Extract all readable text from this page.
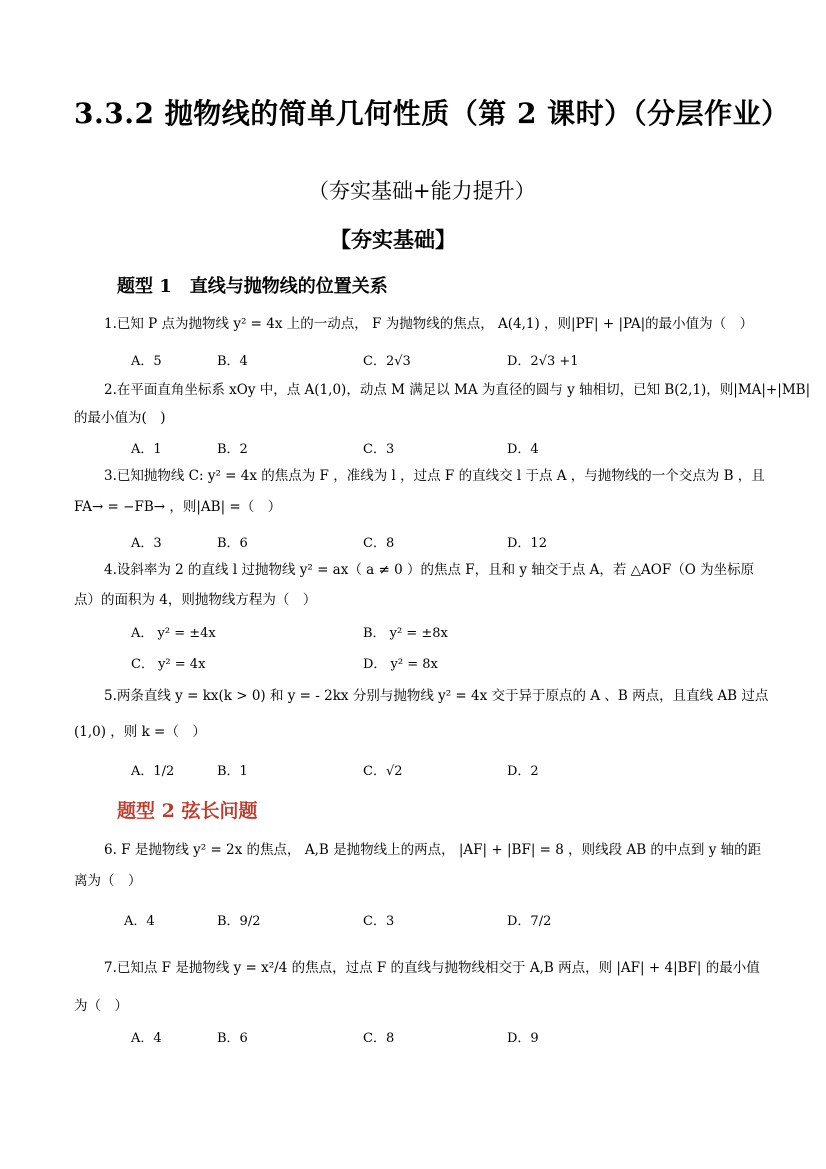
3.3.2 抛物线的简单几何性质（第 2 课时）（分层作业）
（夯实基础+能力提升）
【夯实基础】
题型 1　直线与抛物线的位置关系
1.已知 P 点为抛物线 y² = 4x 上的一动点， F 为抛物线的焦点， A(4,1) ，则|PF| + |PA|的最小值为（　）
A．5	B．4	C．2√3	D．2√3 +1
2.在平面直角坐标系 xOy 中，点 A(1,0)，动点 M 满足以 MA 为直径的圆与 y 轴相切，已知 B(2,1)，则|MA|+|MB|
的最小值为(　)
A．1	B．2	C．3	D．4
3.已知抛物线 C: y² = 4x 的焦点为 F ，准线为 l ，过点 F 的直线交 l 于点 A ，与抛物线的一个交点为 B ，且
FA→ = −FB→ ，则|AB| =（　）
A．3	B．6	C．8	D．12
4.设斜率为 2 的直线 l 过抛物线 y² = ax（ a ≠ 0 ）的焦点 F，且和 y 轴交于点 A，若 △AOF（O 为坐标原
点）的面积为 4，则抛物线方程为（　）
A． y² = ±4x	B． y² = ±8x
C． y² = 4x	D． y² = 8x
5.两条直线 y = kx(k > 0) 和 y = - 2kx 分别与抛物线 y² = 4x 交于异于原点的 A 、B 两点，且直线 AB 过点
(1,0) ，则 k =（　）
A．1/2	B．1	C．√2	D．2
题型 2 弦长问题
6. F 是抛物线 y² = 2x 的焦点， A,B 是抛物线上的两点， |AF| + |BF| = 8 ，则线段 AB 的中点到 y 轴的距
离为（　）
A．4	B．9/2	C．3	D．7/2
7.已知点 F 是抛物线 y = x²/4 的焦点，过点 F 的直线与抛物线相交于 A,B 两点，则 |AF| + 4|BF| 的最小值
为（　）
A．4	B．6	C．8	D．9
